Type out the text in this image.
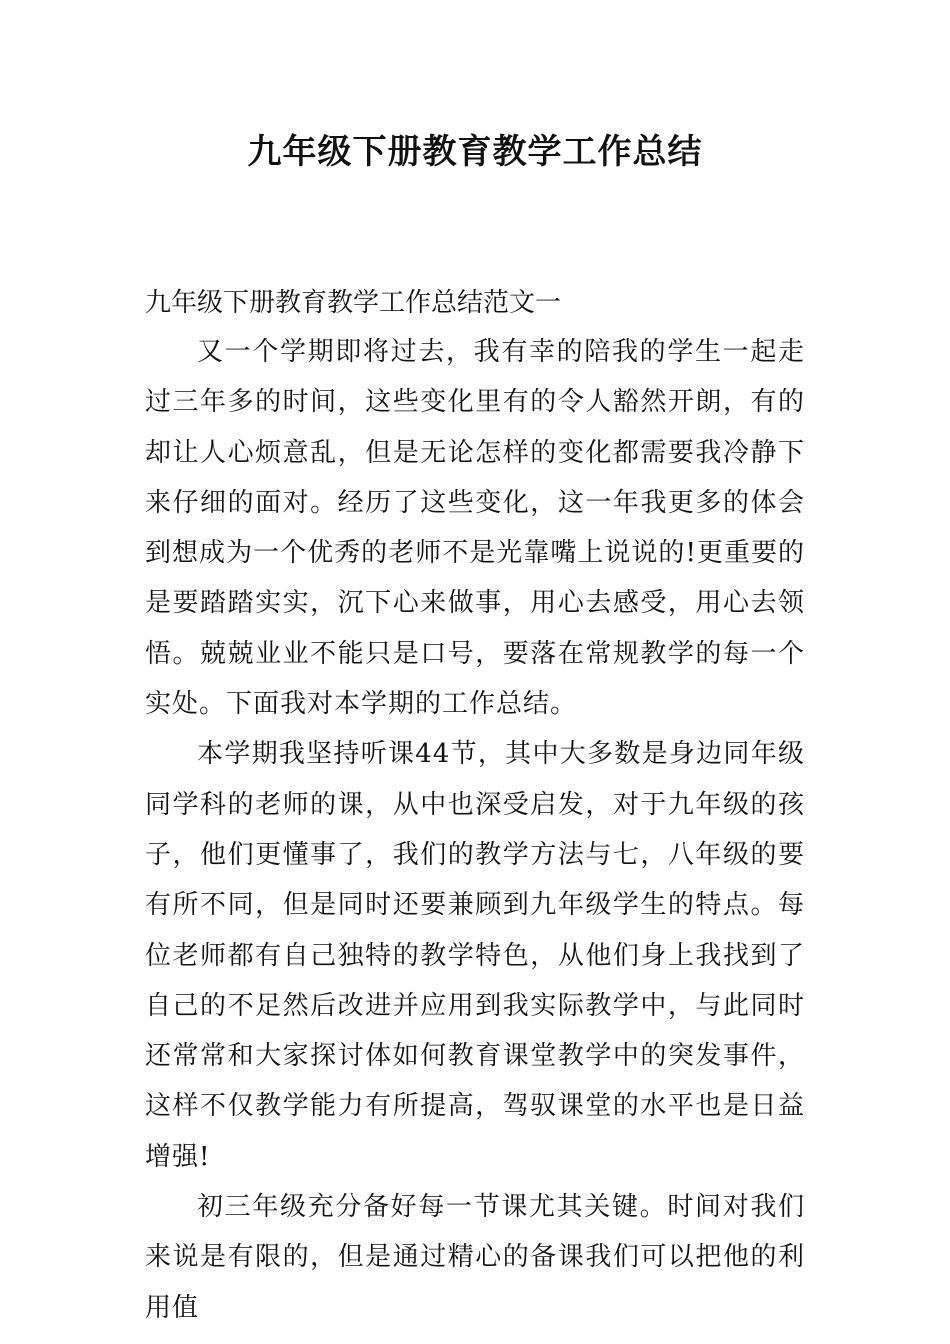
九年级下册教育教学工作总结

九年级下册教育教学工作总结范文一

又一个学期即将过去，我有幸的陪我的学生一起走过三年多的时间，这些变化里有的令人豁然开朗，有的却让人心烦意乱，但是无论怎样的变化都需要我冷静下来仔细的面对。经历了这些变化，这一年我更多的体会到想成为一个优秀的老师不是光靠嘴上说说的!更重要的是要踏踏实实，沉下心来做事，用心去感受，用心去领悟。兢兢业业不能只是口号，要落在常规教学的每一个实处。下面我对本学期的工作总结。

本学期我坚持听课44节，其中大多数是身边同年级同学科的老师的课，从中也深受启发，对于九年级的孩子，他们更懂事了，我们的教学方法与七，八年级的要有所不同，但是同时还要兼顾到九年级学生的特点。每位老师都有自己独特的教学特色，从他们身上我找到了自己的不足然后改进并应用到我实际教学中，与此同时还常常和大家探讨体如何教育课堂教学中的突发事件，这样不仅教学能力有所提高，驾驭课堂的水平也是日益增强!

初三年级充分备好每一节课尤其关键。时间对我们来说是有限的，但是通过精心的备课我们可以把他的利用值
